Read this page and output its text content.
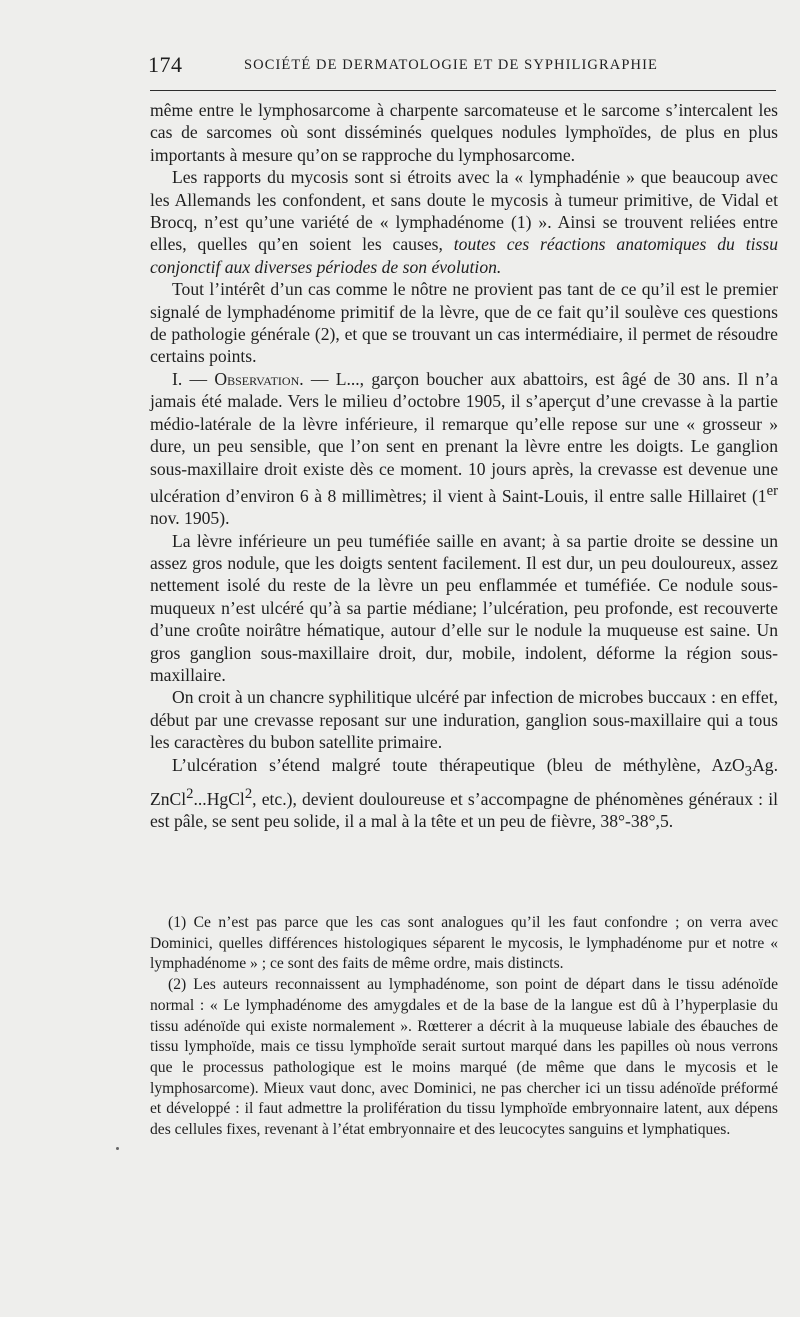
174	SOCIÉTÉ DE DERMATOLOGIE ET DE SYPHILIGRAPHIE

même entre le lymphosarcome à charpente sarcomateuse et le sarcome s’intercalent les cas de sarcomes où sont disséminés quelques nodules lymphoïdes, de plus en plus importants à mesure qu’on se rapproche du lymphosarcome.

Les rapports du mycosis sont si étroits avec la « lymphadénie » que beaucoup avec les Allemands les confondent, et sans doute le mycosis à tumeur primitive, de Vidal et Brocq, n’est qu’une variété de « lymphadénome (1) ». Ainsi se trouvent reliées entre elles, quelles qu’en soient les causes, toutes ces réactions anatomiques du tissu conjonctif aux diverses périodes de son évolution.

Tout l’intérêt d’un cas comme le nôtre ne provient pas tant de ce qu’il est le premier signalé de lymphadénome primitif de la lèvre, que de ce fait qu’il soulève ces questions de pathologie générale (2), et que se trouvant un cas intermédiaire, il permet de résoudre certains points.

I. — Observation. — L..., garçon boucher aux abattoirs, est âgé de 30 ans. Il n’a jamais été malade. Vers le milieu d’octobre 1905, il s’aperçut d’une crevasse à la partie médio-latérale de la lèvre inférieure, il remarque qu’elle repose sur une « grosseur » dure, un peu sensible, que l’on sent en prenant la lèvre entre les doigts. Le ganglion sous-maxillaire droit existe dès ce moment. 10 jours après, la crevasse est devenue une ulcération d’environ 6 à 8 millimètres; il vient à Saint-Louis, il entre salle Hillairet (1er nov. 1905).

La lèvre inférieure un peu tuméfiée saille en avant; à sa partie droite se dessine un assez gros nodule, que les doigts sentent facilement. Il est dur, un peu douloureux, assez nettement isolé du reste de la lèvre un peu enflammée et tuméfiée. Ce nodule sous-muqueux n’est ulcéré qu’à sa partie médiane; l’ulcération, peu profonde, est recouverte d’une croûte noirâtre hématique, autour d’elle sur le nodule la muqueuse est saine. Un gros ganglion sous-maxillaire droit, dur, mobile, indolent, déforme la région sous-maxillaire.

On croit à un chancre syphilitique ulcéré par infection de microbes buccaux : en effet, début par une crevasse reposant sur une induration, ganglion sous-maxillaire qui a tous les caractères du bubon satellite primaire.

L’ulcération s’étend malgré toute thérapeutique (bleu de méthylène, AzO$_3$Ag. ZnCl$^2$...HgCl$^2$, etc.), devient douloureuse et s’accompagne de phénomènes généraux : il est pâle, se sent peu solide, il a mal à la tête et un peu de fièvre, 38°-38°,5.

(1) Ce n’est pas parce que les cas sont analogues qu’il les faut confondre ; on verra avec Dominici, quelles différences histologiques séparent le mycosis, le lymphadénome pur et notre « lymphadénome » ; ce sont des faits de même ordre, mais distincts.

(2) Les auteurs reconnaissent au lymphadénome, son point de départ dans le tissu adénoïde normal : « Le lymphadénome des amygdales et de la base de la langue est dû à l’hyperplasie du tissu adénoïde qui existe normalement ». Rœtterer a décrit à la muqueuse labiale des ébauches de tissu lymphoïde, mais ce tissu lymphoïde serait surtout marqué dans les papilles où nous verrons que le processus pathologique est le moins marqué (de même que dans le mycosis et le lymphosarcome). Mieux vaut donc, avec Dominici, ne pas chercher ici un tissu adénoïde préformé et développé : il faut admettre la prolifération du tissu lymphoïde embryonnaire latent, aux dépens des cellules fixes, revenant à l’état embryonnaire et des leucocytes sanguins et lymphatiques.
